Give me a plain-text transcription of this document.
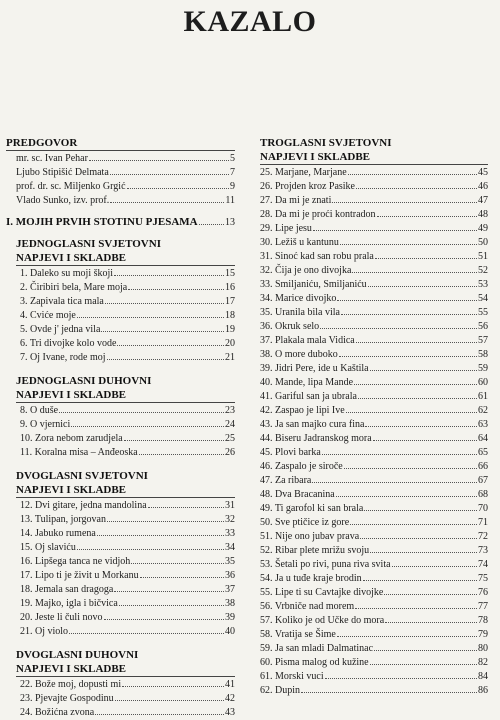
KAZALO
PREDGOVOR
mr. sc. Ivan Pehar	5
Ljubo Stipišić Delmata	7
prof. dr. sc. Miljenko Grgić	9
Vlado Sunko, izv. prof.	11
I. MOJIH PRVIH STOTINU PJESAMA	13
JEDNOGLASNI SVJETOVNI
NAPJEVI I SKLADBE
1. Daleko su moji škoji	15
2. Čiribiri bela, Mare moja	16
3. Zapivala tica mala	17
4. Cviće moje	18
5. Ovde j' jedna vila	19
6. Tri divojke kolo vode	20
7. Oj Ivane, rode moj	21
JEDNOGLASNI DUHOVNI
NAPJEVI I SKLADBE
8. O duše	23
9. O vjernici	24
10. Zora nebom zarudjela	25
11. Koralna misa – Anđeoska	26
DVOGLASNI SVJETOVNI
NAPJEVI I SKLADBE
12. Dvi gitare, jedna mandolina	31
13. Tulipan, jorgovan	32
14. Jabuko rumena	33
15. Oj slaviću	34
16. Lipšega tanca ne vidjoh	35
17. Lipo ti je živit u Morkanu	36
18. Jemala san dragoga	37
19. Majko, igla i bičvica	38
20. Jeste li čuli novo	39
21. Oj violo	40
DVOGLASNI DUHOVNI
NAPJEVI I SKLADBE
22. Bože moj, dopusti mi	41
23. Pjevajte Gospodinu	42
24. Božićna zvona	43
TROGLASNI SVJETOVNI
NAPJEVI I SKLADBE
25. Marjane, Marjane	45
26. Projden kroz Pasike	46
27. Da mi je znati	47
28. Da mi je proći kontradon	48
29. Lipe jesu	49
30. Ležiš u kantunu	50
31. Sinoć kad san robu prala	51
32. Čija je ono divojka	52
33. Smiljaniću, Smiljaniću	53
34. Marice divojko	54
35. Uranila bila vila	55
36. Okruk selo	56
37. Plakala mala Vidica	57
38. O more duboko	58
39. Jidri Pere, ide u Kaštila	59
40. Mande, lipa Mande	60
41. Gariful san ja ubrala	61
42. Zaspao je lipi Ive	62
43. Ja san majko cura fina	63
44. Biseru Jadranskog mora	64
45. Plovi barka	65
46. Zaspalo je siroče	66
47. Za ribara	67
48. Dva Bracanina	68
49. Ti garofol ki san brala	70
50. Sve ptičice iz gore	71
51. Nije ono jubav prava	72
52. Ribar plete mrižu svoju	73
53. Šetali po rivi, puna riva svita	74
54. Ja u tuđe kraje brodin	75
55. Lipe ti su Cavtajke divojke	76
56. Vrbniče nad morem	77
57. Koliko je od Učke do mora	78
58. Vratija se Šime	79
59. Ja san mladi Dalmatinac	80
60. Pisma malog od kužine	82
61. Morski vuci	84
62. Dupin	86
